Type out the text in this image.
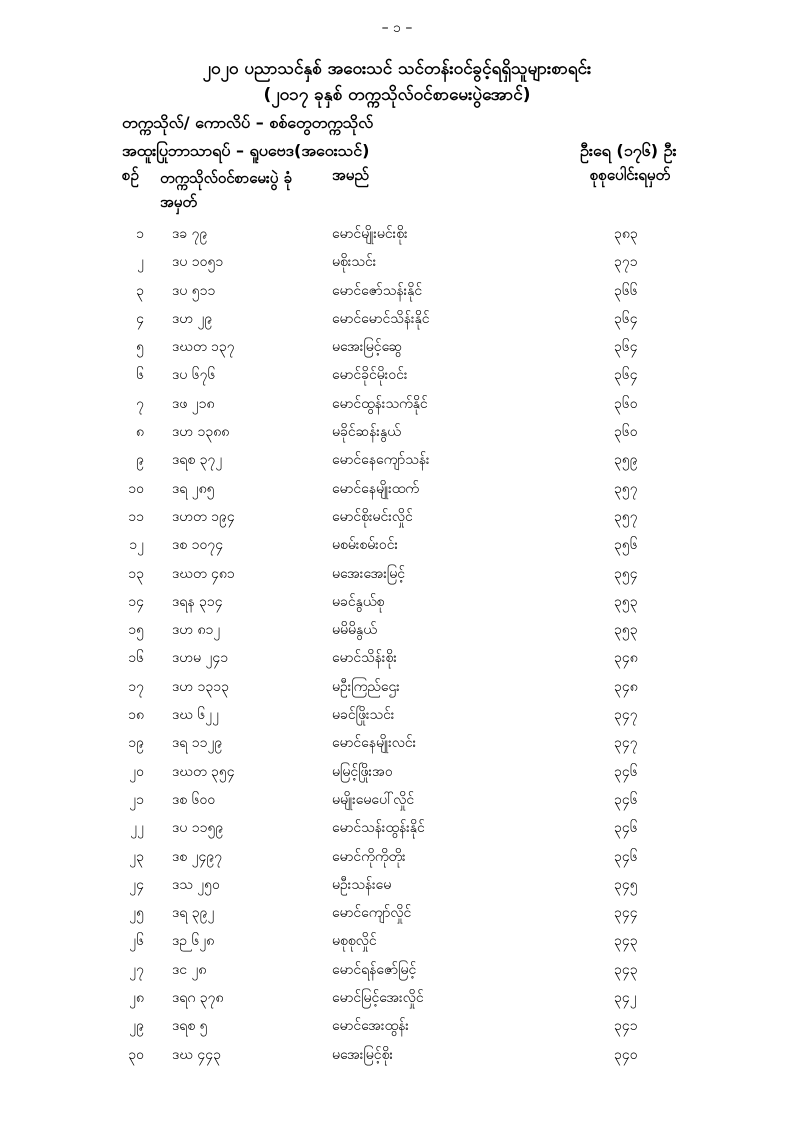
– ၁ –
၂၀၂၀ ပညာသင်နှစ် အဝေးသင် သင်တန်းဝင်ခွင့်ရရှိသူများစာရင်း
(၂၀၁၇ ခုနှစ် တက္ကသိုလ်ဝင်စာမေးပွဲအောင်)
တက္ကသိုလ်/ ကောလိပ် – စစ်တွေတက္ကသိုလ်
အထူးပြုဘာသာရပ် – ရူပဗေဒ(အဝေးသင်)	ဦးရေ (၁၇၆) ဦး
စဉ် တက္ကသိုလ်ဝင်စာမေးပွဲ ခုံအမှတ်
အမည်	စုစုပေါင်းရမှတ်
၁ ဒခ ၇၉	မောင်မျိုးမင်းစိုး	၃၈၃
၂ ဒပ ၁၀၅၁	မစိုးသင်း	၃၇၁
၃ ဒပ ၅၁၁	မောင်ဇော်သန်းနိုင်	၃၆၆
၄ ဒဟ ၂၉	မောင်မောင်သိန်းနိုင်	၃၆၄
၅ ဒဃတ ၁၃၇	မအေးမြင့်ဆွေ	၃၆၄
၆ ဒပ ၆၇၆	မောင်ခိုင်မိုးဝင်း	၃၆၄
၇ ဒဖ ၂၁၈	မောင်ထွန်းသက်နိုင်	၃၆၀
၈ ဒဟ ၁၃၈၈	မခိုင်ဆန်းနွယ်	၃၆၀
၉ ဒရစ ၃၇၂	မောင်နေကျော်သန်း	၃၅၉
၁၀ ဒရ ၂၈၅	မောင်နေမျိုးထက်	၃၅၇
၁၁ ဒဟတ ၁၉၄	မောင်စိုးမင်းလှိုင်	၃၅၇
၁၂ ဒစ ၁၀၇၄	မစမ်းစမ်းဝင်း	၃၅၆
၁၃ ဒဃတ ၄၈၁	မအေးအေးမြင့်	၃၅၄
၁၄ ဒရန ၃၁၄	မခင်နွယ်စု	၃၅၃
၁၅ ဒဟ ၈၁၂	မမိမိနွယ်	၃၅၃
၁၆ ဒဟမ ၂၄၁	မောင်သိန်းစိုး	၃၄၈
၁၇ ဒဟ ၁၃၁၃	မဦးကြည်ဌေး	၃၄၈
၁၈ ဒဃ ၆၂၂	မခင်ဖြိုးသင်း	၃၄၇
၁၉ ဒရ ၁၁၂၉	မောင်နေမျိုးလင်း	၃၄၇
၂၀ ဒဃတ ၃၅၄	မမြင့်ဖြိုးအဝ	၃၄၆
၂၁ ဒစ ၆၀၀	မမျိုးမေပေါ်လှိုင်	၃၄၆
၂၂ ဒပ ၁၁၅၉	မောင်သန်းထွန်းနိုင်	၃၄၆
၂၃ ဒစ ၂၄၉၇	မောင်ကိုကိုတိုး	၃၄၆
၂၄ ဒသ ၂၅၀	မဦးသန်းမေ	၃၄၅
၂၅ ဒရ ၃၉၂	မောင်ကျော်လှိုင်	၃၄၄
၂၆ ဒဉ ၆၂၈	မစုစုလှိုင်	၃၄၃
၂၇ ဒင ၂၈	မောင်ရန်ဇော်မြင့်	၃၄၃
၂၈ ဒရဂ ၃၇၈	မောင်မြင့်အေးလှိုင်	၃၄၂
၂၉ ဒရစ ၅	မောင်အေးထွန်း	၃၄၁
၃၀ ဒဃ ၄၄၃	မအေးမြင့်စိုး	၃၄၀
